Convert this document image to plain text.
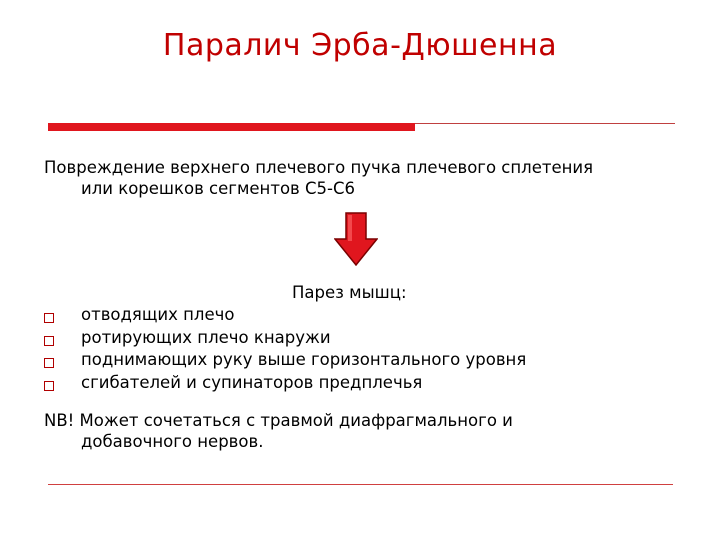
Паралич Эрба-Дюшенна
Повреждение верхнего плечевого пучка плечевого сплетения
или корешков сегментов С5-С6
Парез мышц:
отводящих плечо
ротирующих плечо кнаружи
поднимающих руку выше горизонтального уровня
сгибателей и супинаторов предплечья
NB! Может сочетаться с травмой диафрагмального и
добавочного нервов.
